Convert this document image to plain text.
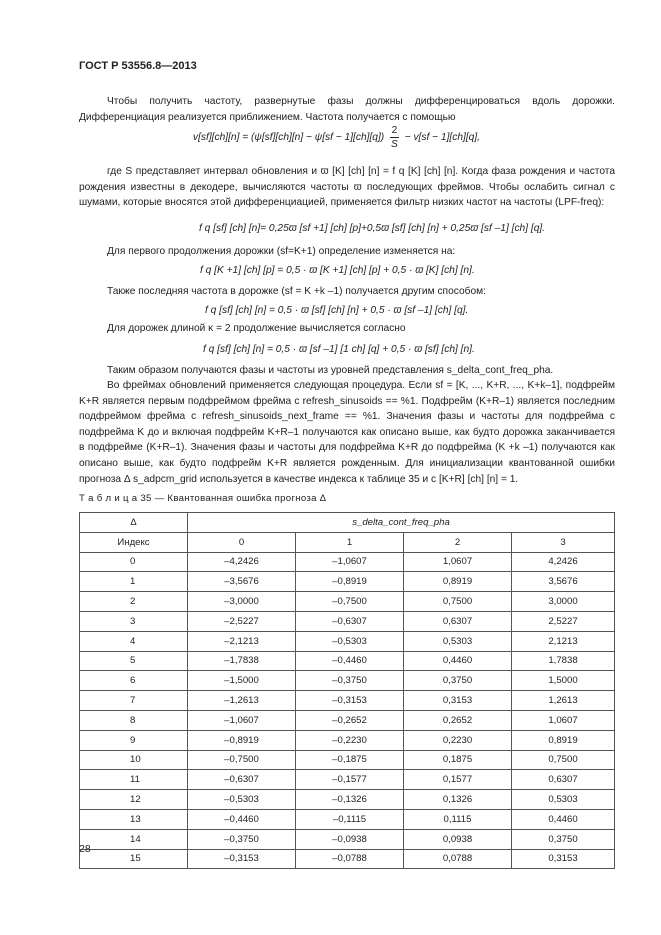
ГОСТ Р 53556.8—2013
Чтобы получить частоту, развернутые фазы должны дифференцироваться вдоль дорожки. Дифференциация реализуется приближением. Частота получается с помощью
$v[sf][ch][n] = (\psi[sf][ch][n] - \psi[sf - 1][ch][q]) \frac{2}{S} - v[sf - 1][ch][q]$,
где S представляет интервал обновления и ϖ [K] [ch] [n] = f q [K] [ch] [n]. Когда фаза рождения и частота рождения известны в декодере, вычисляются частоты ϖ последующих фреймов. Чтобы ослабить сигнал с шумами, которые вносятся этой дифференциацией, применяется фильтр низких частот на частоты (LPF-freq):
f q [sf] [ch] [n]= 0,25ϖ [sf +1] [ch] [p]+0,5ϖ [sf] [ch] [n] + 0,25ϖ [sf –1] [ch] [q].
Для первого продолжения дорожки (sf=K+1) определение изменяется на:
f q [K +1] [ch] [p] = 0,5 · ϖ [K +1] [ch] [p] + 0,5 · ϖ [K] [ch] [n].
Также последняя частота в дорожке (sf = K +k –1) получается другим способом:
f q [sf] [ch] [n] = 0,5 · ϖ [sf] [ch] [n] + 0,5 · ϖ [sf –1] [ch] [q].
Для дорожек длиной κ = 2 продолжение вычисляется согласно
f q [sf] [ch] [n] = 0,5 · ϖ [sf –1] [1 ch] [q] + 0,5 · ϖ [sf] [ch] [n].
Таким образом получаются фазы и частоты из уровней представления s_delta_cont_freq_pha.
Во фреймах обновлений применяется следующая процедура. Если sf = [K, ..., K+R, ..., K+k–1], подфрейм K+R является первым подфреймом фрейма с refresh_sinusoids == %1. Подфрейм (K+R–1) является последним подфреймом фрейма с refresh_sinusoids_next_frame == %1. Значения фазы и частоты для подфрейма с подфрейма K до и включая подфрейм K+R–1 получаются как описано выше, как будто дорожка заканчивается в подфрейме (K+R–1). Значения фазы и частоты для подфрейма K+R до подфрейма (K +k –1) получаются как описано выше, как будто подфрейм K+R является рожденным. Для инициализации квантованной ошибки прогноза Δ s_adpcm_grid используется в качестве индекса к таблице 35 и с [K+R] [ch] [n] = 1.
Т а б л и ц а 35 — Квантованная ошибка прогноза Δ
Δ	s_delta_cont_freq_pha			
Индекс	0	1	2	3
0	–4,2426	–1,0607	1,0607	4,2426
1	–3,5676	–0,8919	0,8919	3,5676
2	–3,0000	–0,7500	0,7500	3,0000
3	–2,5227	–0,6307	0,6307	2,5227
4	–2,1213	–0,5303	0,5303	2,1213
5	–1,7838	–0,4460	0,4460	1,7838
6	–1,5000	–0,3750	0,3750	1,5000
7	–1,2613	–0,3153	0,3153	1,2613
8	–1,0607	–0,2652	0,2652	1,0607
9	–0,8919	–0,2230	0,2230	0,8919
10	–0,7500	–0,1875	0,1875	0,7500
11	–0,6307	–0,1577	0,1577	0,6307
12	–0,5303	–0,1326	0,1326	0,5303
13	–0,4460	–0,1115	0,1115	0,4460
14	–0,3750	–0,0938	0,0938	0,3750
15	–0,3153	–0,0788	0,0788	0,3153
28
